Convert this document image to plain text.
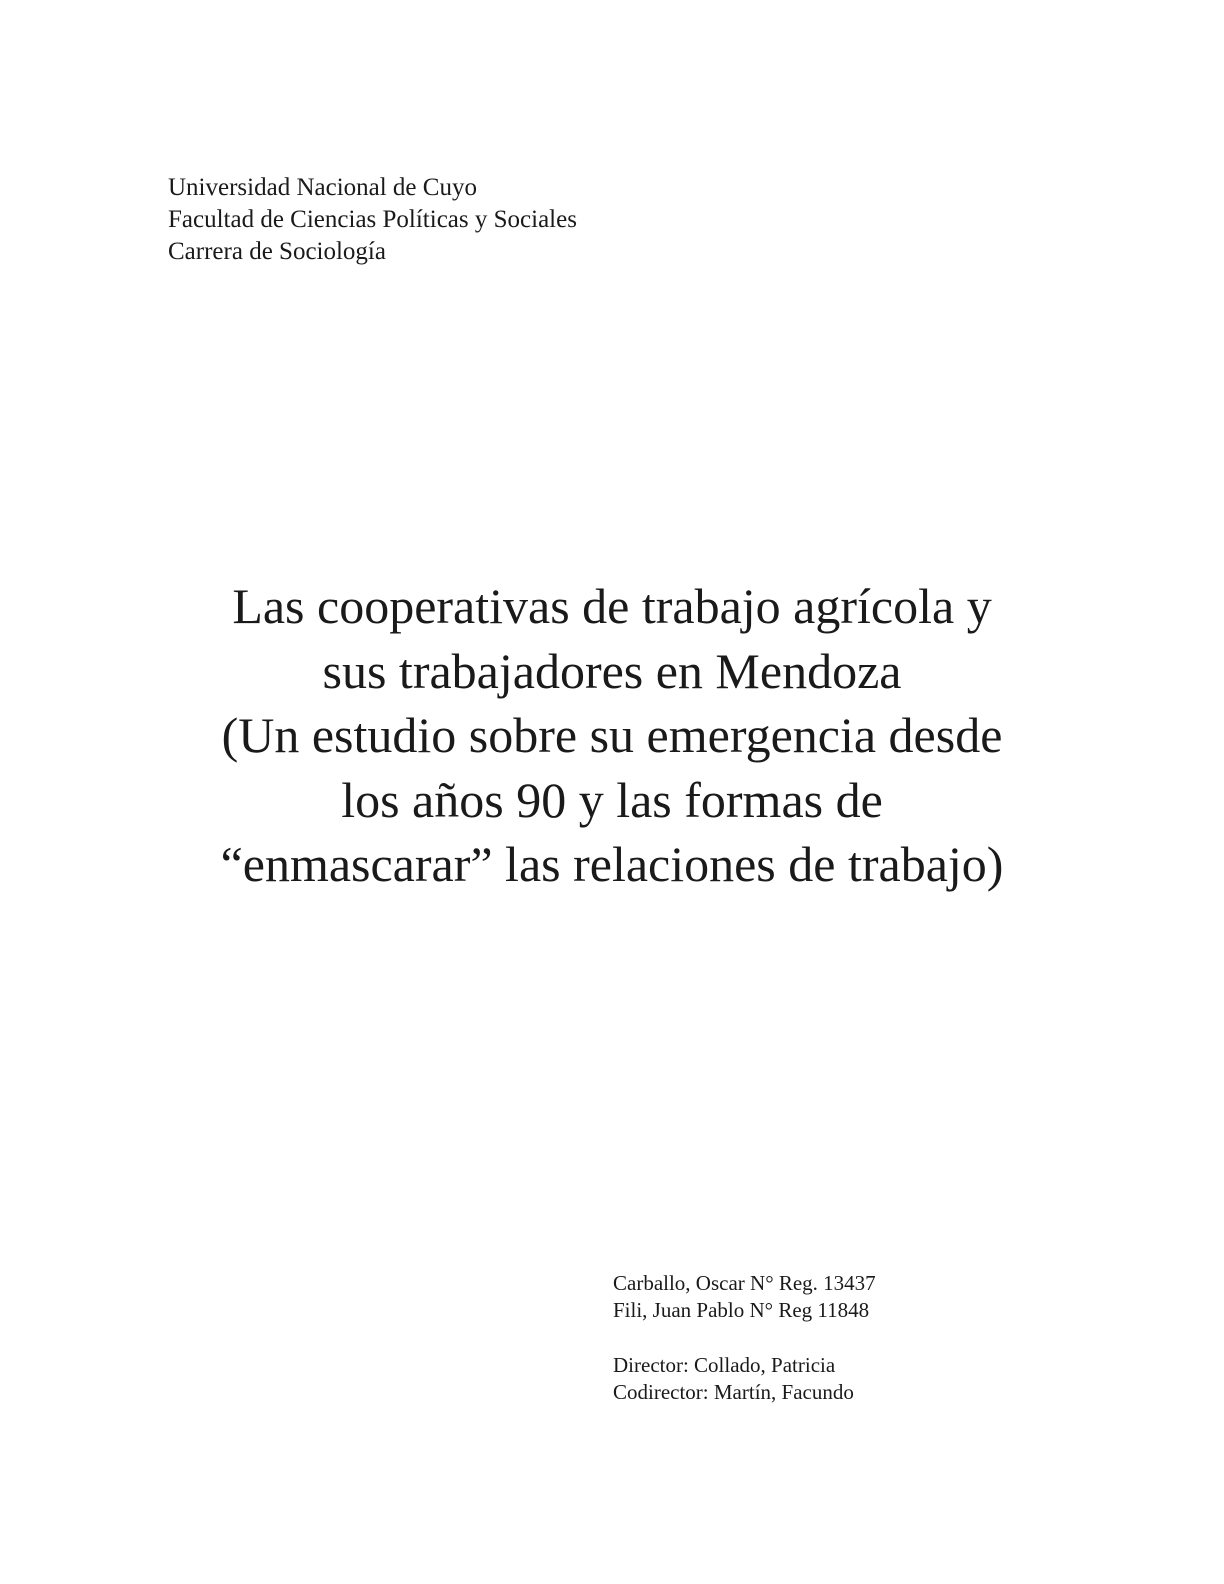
Universidad Nacional de Cuyo
Facultad de Ciencias Políticas y Sociales
Carrera de Sociología
Las cooperativas de trabajo agrícola y
sus trabajadores en Mendoza
(Un estudio sobre su emergencia desde
los años 90 y las formas de
“enmascarar” las relaciones de trabajo)
Carballo, Oscar N° Reg. 13437
Fili, Juan Pablo N° Reg 11848
Director: Collado, Patricia
Codirector: Martín, Facundo
